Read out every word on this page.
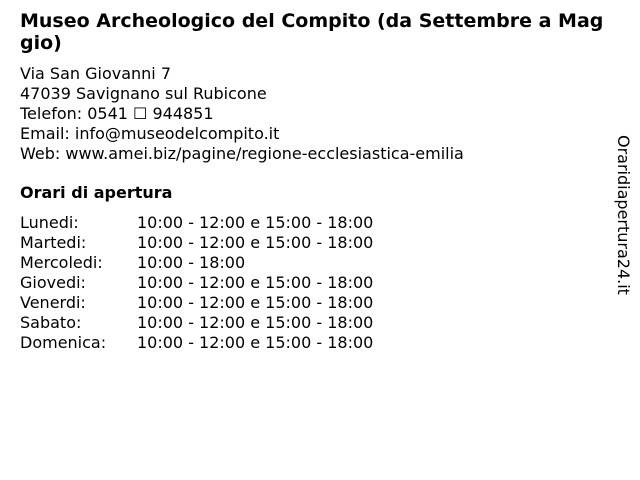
Museo Archeologico del Compito (da Settembre a Maggio)
Via San Giovanni 7
47039 Savignano sul Rubicone
Telefon: 0541 ☐ 944851
Email: info@museodelcompito.it
Web: www.amei.biz/pagine/regione-ecclesiastica-emilia
Orari di apertura
Lunedi:	10:00 - 12:00 e 15:00 - 18:00
Martedi:	10:00 - 12:00 e 15:00 - 18:00
Mercoledi: 10:00 - 18:00
Giovedi:	10:00 - 12:00 e 15:00 - 18:00
Venerdi:	10:00 - 12:00 e 15:00 - 18:00
Sabato:	10:00 - 12:00 e 15:00 - 18:00
Domenica: 10:00 - 12:00 e 15:00 - 18:00
Oraridiapertura24.it
